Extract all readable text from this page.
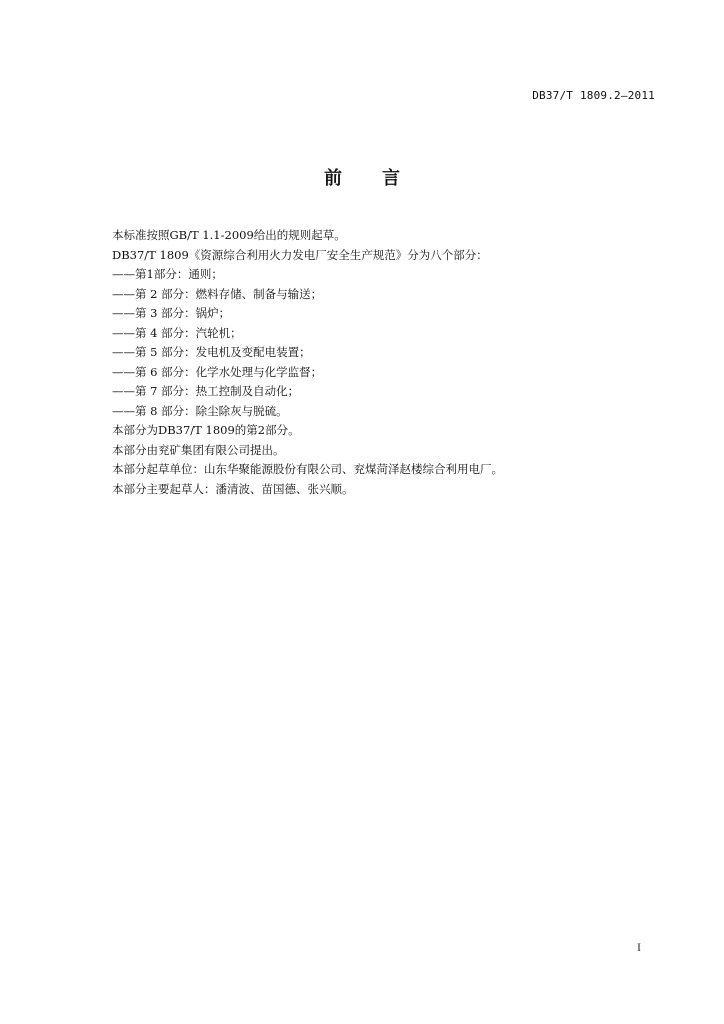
DB37/T 1809.2—2011
前言
本标准按照GB/T 1.1-2009给出的规则起草。
DB37/T 1809《资源综合利用火力发电厂安全生产规范》分为八个部分：
——第1部分：通则；
——第 2 部分：燃料存储、制备与输送；
——第 3 部分：锅炉；
——第 4 部分：汽轮机；
——第 5 部分：发电机及变配电装置；
——第 6 部分：化学水处理与化学监督；
——第 7 部分：热工控制及自动化；
——第 8 部分：除尘除灰与脱硫。
本部分为DB37/T 1809的第2部分。
本部分由兖矿集团有限公司提出。
本部分起草单位：山东华聚能源股份有限公司、兖煤菏泽赵楼综合利用电厂。
本部分主要起草人：潘清波、苗国德、张兴顺。
I
